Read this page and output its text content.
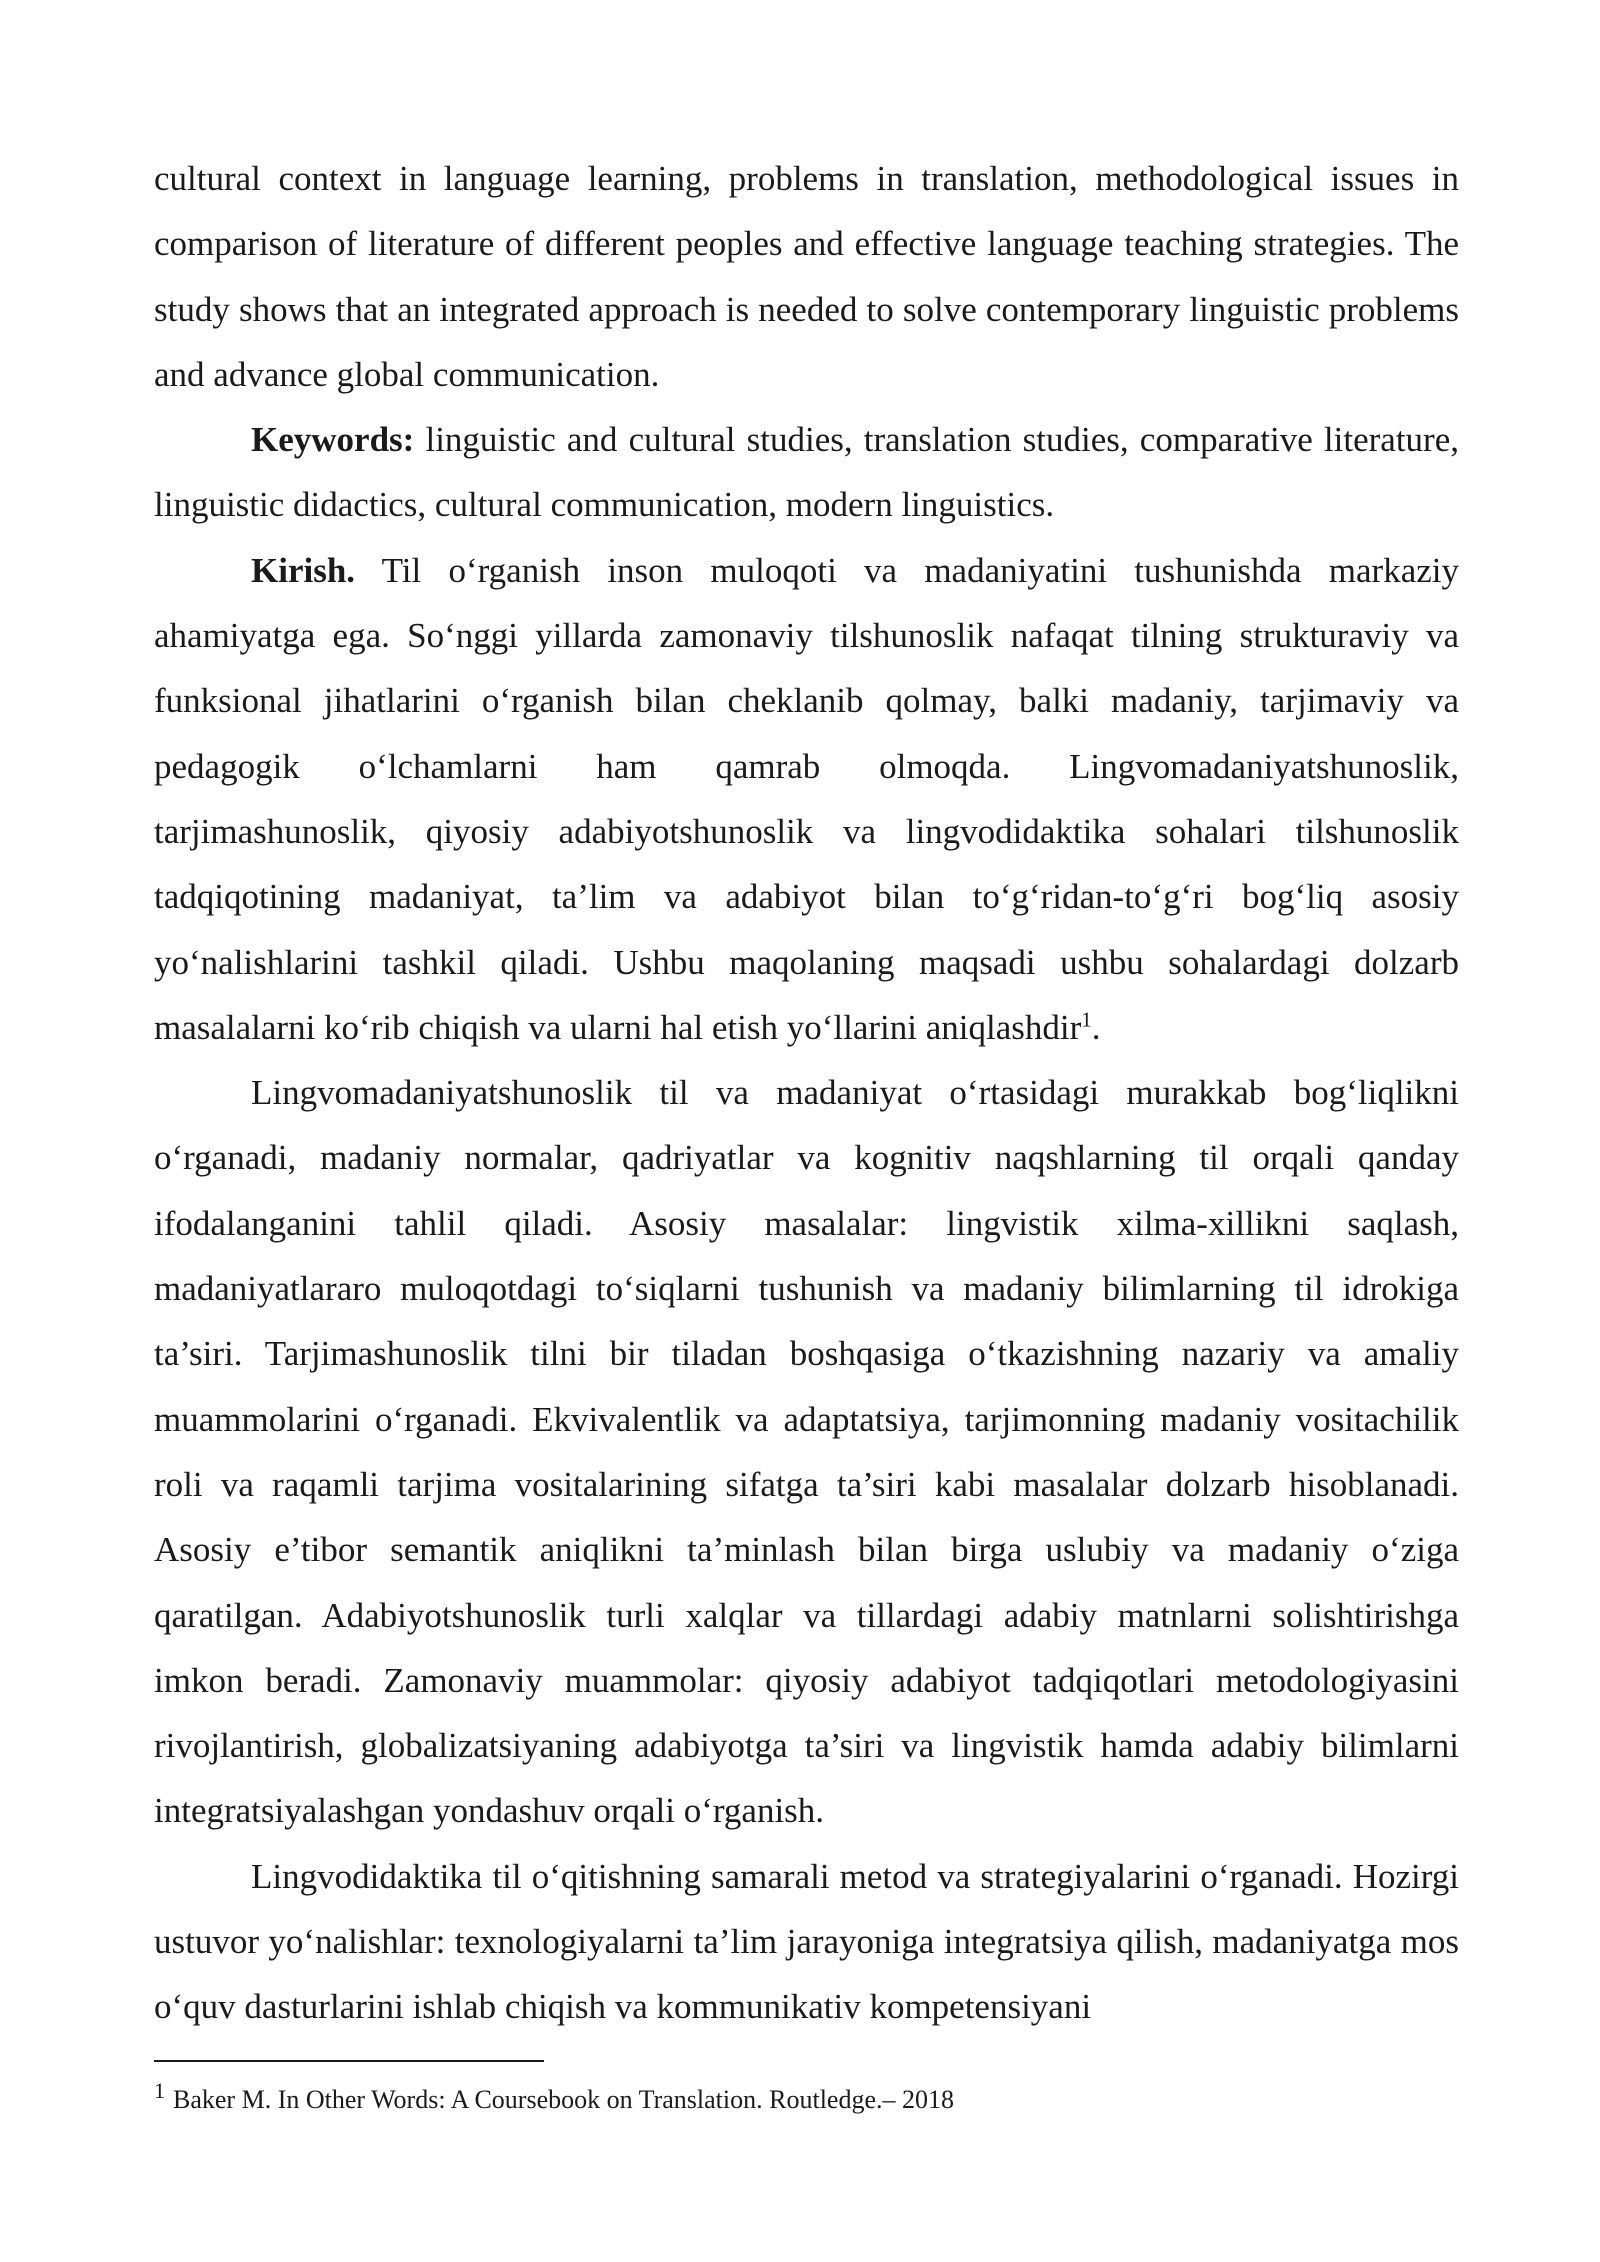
cultural context in language learning, problems in translation, methodological issues in comparison of literature of different peoples and effective language teaching strategies. The study shows that an integrated approach is needed to solve contemporary linguistic problems and advance global communication.

Keywords: linguistic and cultural studies, translation studies, comparative literature, linguistic didactics, cultural communication, modern linguistics.

Kirish. Til o‘rganish inson muloqoti va madaniyatini tushunishda markaziy ahamiyatga ega. So‘nggi yillarda zamonaviy tilshunoslik nafaqat tilning strukturaviy va funksional jihatlarini o‘rganish bilan cheklanib qolmay, balki madaniy, tarjimaviy va pedagogik o‘lchamlarni ham qamrab olmoqda. Lingvomadaniyatshunoslik, tarjimashunoslik, qiyosiy adabiyotshunoslik va lingvodidaktika sohalari tilshunoslik tadqiqotining madaniyat, ta’lim va adabiyot bilan to‘g‘ridan-to‘g‘ri bog‘liq asosiy yo‘nalishlarini tashkil qiladi. Ushbu maqolaning maqsadi ushbu sohalardagi dolzarb masalalarni ko‘rib chiqish va ularni hal etish yo‘llarini aniqlashdir$^1$.

Lingvomadaniyatshunoslik til va madaniyat o‘rtasidagi murakkab bog‘liqlikni o‘rganadi, madaniy normalar, qadriyatlar va kognitiv naqshlarning til orqali qanday ifodalanganini tahlil qiladi. Asosiy masalalar: lingvistik xilma-xillikni saqlash, madaniyatlararo muloqotdagi to‘siqlarni tushunish va madaniy bilimlarning til idrokiga ta’siri. Tarjimashunoslik tilni bir tiladan boshqasiga o‘tkazishning nazariy va amaliy muammolarini o‘rganadi. Ekvivalentlik va adaptatsiya, tarjimonning madaniy vositachilik roli va raqamli tarjima vositalarining sifatga ta’siri kabi masalalar dolzarb hisoblanadi. Asosiy e’tibor semantik aniqlikni ta’minlash bilan birga uslubiy va madaniy o‘ziga qaratilgan. Adabiyotshunoslik turli xalqlar va tillardagi adabiy matnlarni solishtirishga imkon beradi. Zamonaviy muammolar: qiyosiy adabiyot tadqiqotlari metodologiyasini rivojlantirish, globalizatsiyaning adabiyotga ta’siri va lingvistik hamda adabiy bilimlarni integratsiyalashgan yondashuv orqali o‘rganish.

Lingvodidaktika til o‘qitishning samarali metod va strategiyalarini o‘rganadi. Hozirgi ustuvor yo‘nalishlar: texnologiyalarni ta’lim jarayoniga integratsiya qilish, madaniyatga mos o‘quv dasturlarini ishlab chiqish va kommunikativ kompetensiyani

$^1$ Baker M. In Other Words: A Coursebook on Translation. Routledge.– 2018
